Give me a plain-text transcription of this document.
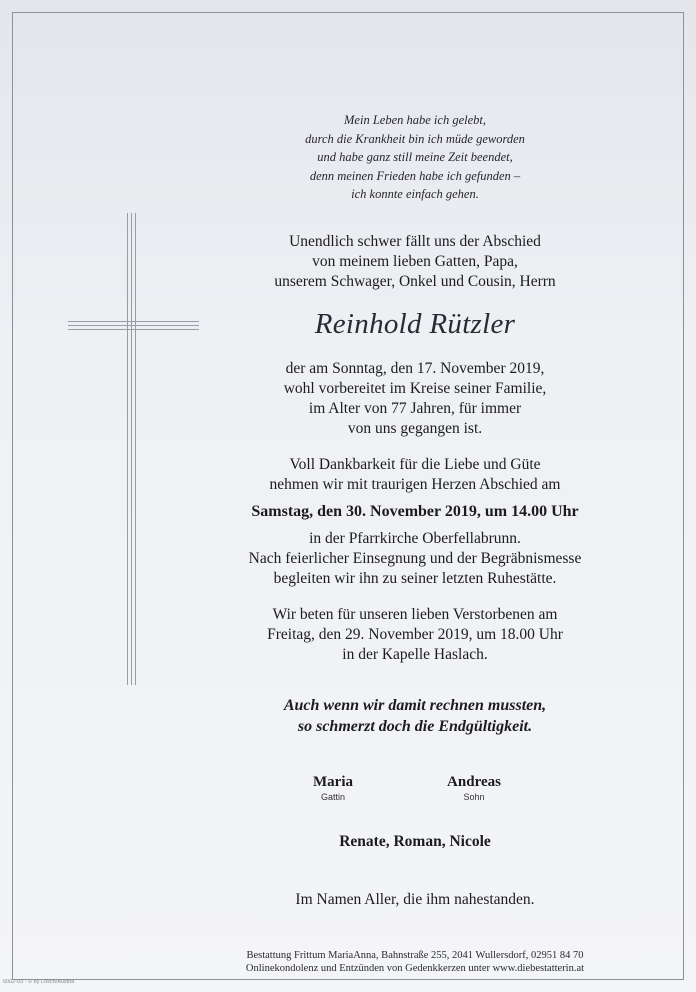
Mein Leben habe ich gelebt,
durch die Krankheit bin ich müde geworden
und habe ganz still meine Zeit beendet,
denn meinen Frieden habe ich gefunden –
ich konnte einfach gehen.
Unendlich schwer fällt uns der Abschied
von meinem lieben Gatten, Papa,
unserem Schwager, Onkel und Cousin, Herrn
Reinhold Rützler
der am Sonntag, den 17. November 2019,
wohl vorbereitet im Kreise seiner Familie,
im Alter von 77 Jahren, für immer
von uns gegangen ist.
Voll Dankbarkeit für die Liebe und Güte
nehmen wir mit traurigen Herzen Abschied am
Samstag, den 30. November 2019, um 14.00 Uhr
in der Pfarrkirche Oberfellabrunn.
Nach feierlicher Einsegnung und der Begräbnismesse
begleiten wir ihn zu seiner letzten Ruhestätte.
Wir beten für unseren lieben Verstorbenen am
Freitag, den 29. November 2019, um 18.00 Uhr
in der Kapelle Haslach.
Auch wenn wir damit rechnen mussten,
so schmerzt doch die Endgültigkeit.
Maria
Gattin
Andreas
Sohn
Renate, Roman, Nicole
Im Namen Aller, die ihm nahestanden.
Bestattung Frittum MariaAnna, Bahnstraße 255, 2041 Wullersdorf, 02951 84 70
Onlinekondolenz und Entzünden von Gedenkkerzen unter www.diebestatterin.at
6002-03 - © by Lösch/Austria
